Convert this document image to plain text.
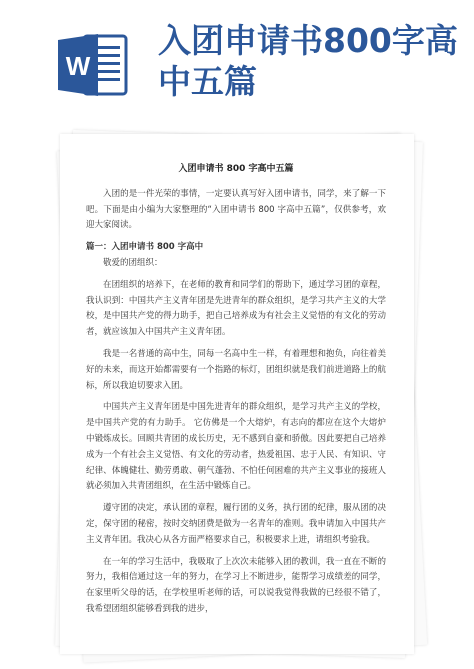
W
入团申请书800字高中五篇
入团申请书 800 字高中五篇

入团的是一件光荣的事情，一定要认真写好入团申请书，同学，来了解一下吧。下面是由小编为大家整理的“入团申请书 800 字高中五篇”，仅供参考，欢迎大家阅读。

篇一：入团申请书 800 字高中

敬爱的团组织：

在团组织的培养下，在老师的教育和同学们的帮助下，通过学习团的章程，我认识到：中国共产主义青年团是先进青年的群众组织，是学习共产主义的大学校，是中国共产党的得力助手，把自己培养成为有社会主义觉悟的有文化的劳动者，就应该加入中国共产主义青年团。

我是一名普通的高中生，同每一名高中生一样，有着理想和抱负，向往着美好的未来，而这开始都需要有一个指路的标灯，团组织就是我们前进道路上的航标，所以我迫切要求入团。

中国共产主义青年团是中国先进青年的群众组织，是学习共产主义的学校，是中国共产党的有力助手。 它仿佛是一个大熔炉，有志向的都应在这个大熔炉中锻炼成长。回顾共青团的成长历史，无不感到自豪和骄傲。因此要把自己培养成为一个有社会主义觉悟、有文化的劳动者，热爱祖国、忠于人民、有知识、守纪律、体魄健壮、勤劳勇敢、朝气蓬勃、不怕任何困难的共产主义事业的接班人就必须加入共青团组织，在生活中锻炼自己。

遵守团的决定，承认团的章程，履行团的义务，执行团的纪律，服从团的决定，保守团的秘密，按时交纳团费是做为一名青年的准则。我申请加入中国共产主义青年团。我决心从各方面严格要求自己，积极要求上进，请组织考验我。

在一年的学习生活中，我吸取了上次次未能够入团的教训，我一直在不断的努力，我相信通过这一年的努力，在学习上不断进步，能帮学习成绩差的同学，在家里听父母的话，在学校里听老师的话，可以说我觉得我做的已经很不错了，我希望团组织能够看到我的进步，
